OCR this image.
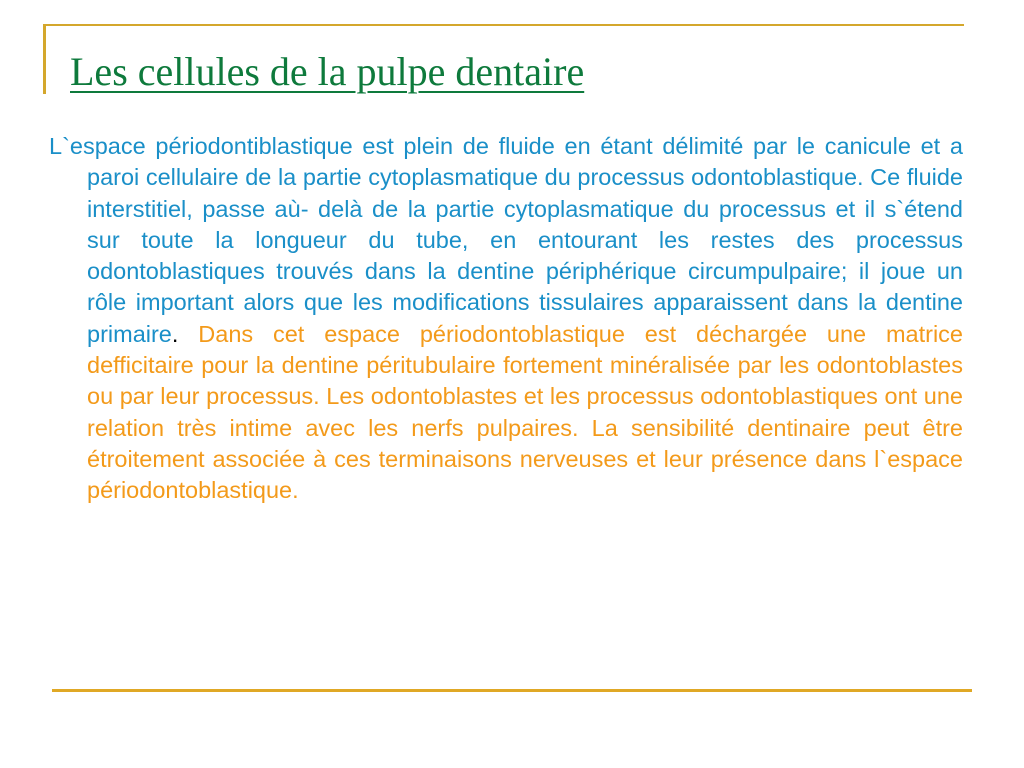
Les cellules de la pulpe dentaire

L`espace périodontiblastique est plein de fluide en étant délimité par le canicule et a paroi cellulaire de la partie cytoplasmatique du processus odontoblastique. Ce fluide interstitiel, passe aù- delà de la partie cytoplasmatique du processus et il s`étend sur toute la longueur du tube, en entourant les restes des processus odontoblastiques trouvés dans la dentine périphérique circumpulpaire; il joue un rôle important alors que les modifications tissulaires apparaissent dans la dentine primaire. Dans cet espace périodontoblastique est déchargée une matrice defficitaire pour la dentine péritubulaire fortement minéralisée par les odontoblastes ou par leur processus. Les odontoblastes et les processus odontoblastiques ont une relation très intime avec les nerfs pulpaires. La sensibilité dentinaire peut être étroitement associée à ces terminaisons nerveuses et leur présence dans l`espace périodontoblastique.
